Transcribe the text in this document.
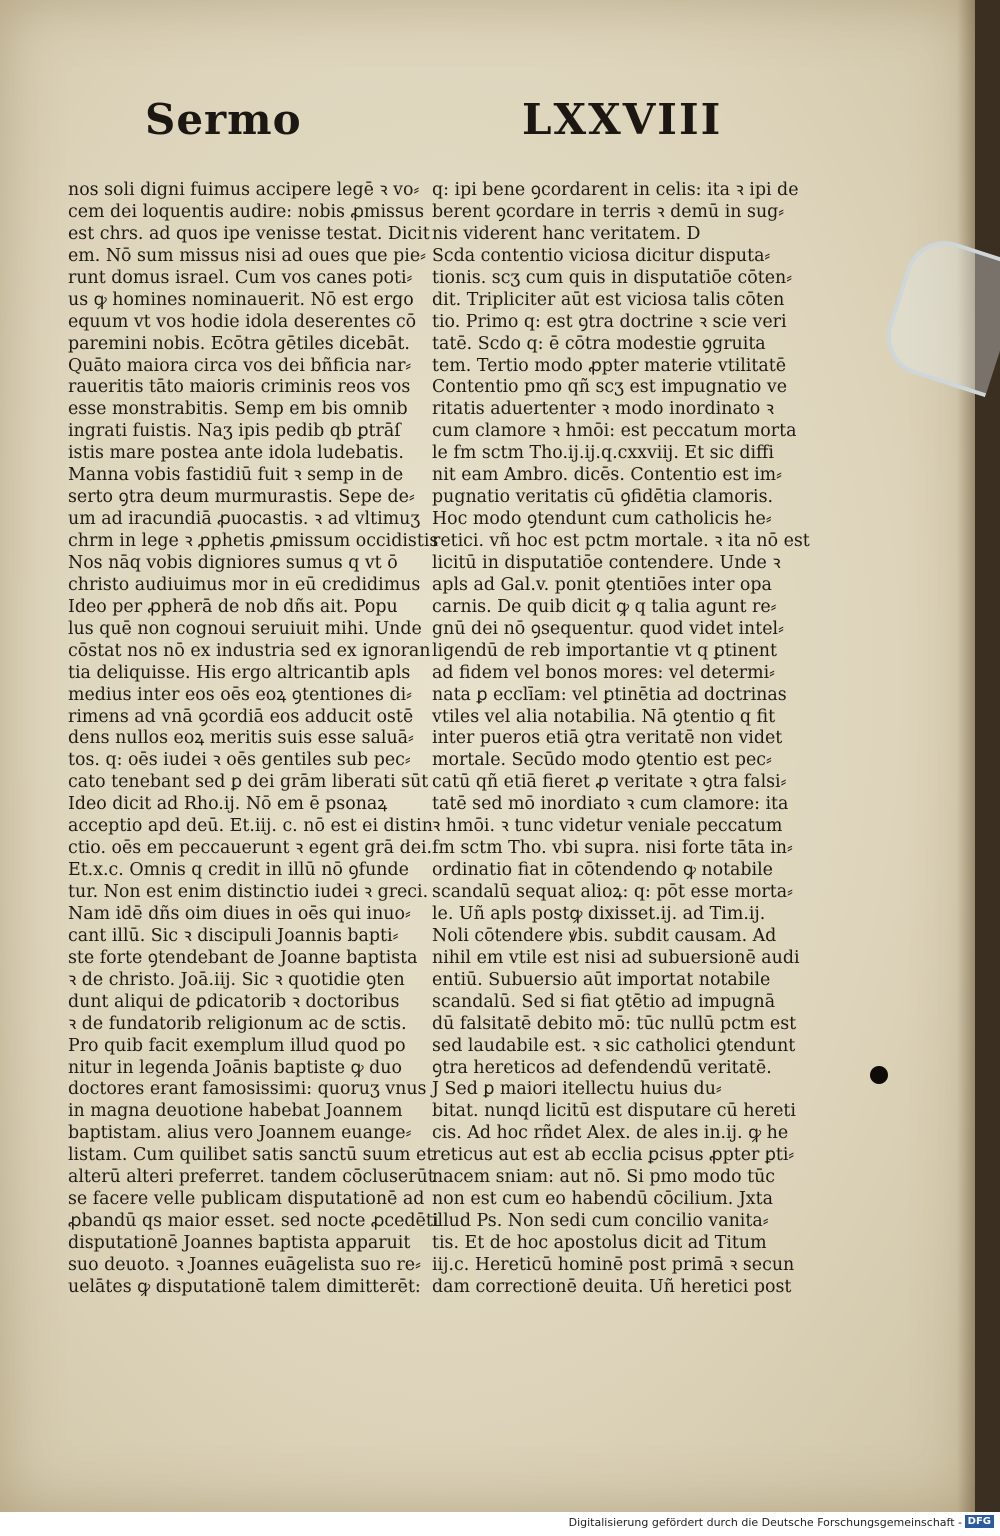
Sermo	LXXVIII
nos soli digni fuimus accipere legē ꝛ vo⸗
cem dei loquentis audire: nobis ꝓmissus
est chrs. ad quos ipe venisse testat. Dicit
em. Nō sum missus nisi ad oues que pie⸗
runt domus israel. Cum vos canes poti⸗
us ꝙ homines nominauerit. Nō est ergo
equum vt vos hodie idola deserentes cō
paremini nobis. Ecōtra gētiles dicebāt.
Quāto maiora circa vos dei bñficia nar⸗
raueritis tāto maioris criminis reos vos
esse monstrabitis. Semp em bis omnib
ingrati fuistis. Naʒ ipis pedib qb ꝑtrāſ
istis mare postea ante idola ludebatis.
Manna vobis fastidiū fuit ꝛ semp in de
serto ꝯtra deum murmurastis. Sepe de⸗
um ad iracundiā ꝓuocastis. ꝛ ad vltimuʒ
chrm in lege ꝛ ꝓphetis ꝓmissum occidistis
Nos nāq vobis digniores sumus q vt ō
christo audiuimus mor in eū credidimus
Ideo per ꝓpherā de nob dñs ait. Popu
lus quē non cognoui seruiuit mihi. Unde
cōstat nos nō ex industria sed ex ignoran
tia deliquisse. His ergo altricantib apls
medius inter eos oēs eoꝝ ꝯtentiones di⸗
rimens ad vnā ꝯcordiā eos adducit ostē
dens nullos eoꝝ meritis suis esse saluā⸗
tos. q: oēs iudei ꝛ oēs gentiles sub pec⸗
cato tenebant sed ꝑ dei grām liberati sūt
Ideo dicit ad Rho.ij. Nō em ē psonaꝝ
acceptio apd deū. Et.iij. c. nō est ei distin
ctio. oēs em peccauerunt ꝛ egent grā dei.
Et.x.c. Omnis q credit in illū nō ꝯfunde
tur. Non est enim distinctio iudei ꝛ greci.
Nam idē dñs oim diues in oēs qui inuo⸗
cant illū. Sic ꝛ discipuli Joannis bapti⸗
ste forte ꝯtendebant de Joanne baptista
ꝛ de christo. Joā.iij. Sic ꝛ quotidie ꝯten
dunt aliqui de ꝑdicatorib ꝛ doctoribus
ꝛ de fundatorib religionum ac de sctis.
Pro quib facit exemplum illud quod po
nitur in legenda Joānis baptiste ꝙ duo
doctores erant famosissimi: quoruʒ vnus
in magna deuotione habebat Joannem
baptistam. alius vero Joannem euange⸗
listam. Cum quilibet satis sanctū suum et
alterū alteri preferret. tandem cōcluserūt
se facere velle publicam disputationē ad
ꝓbandū qs maior esset. sed nocte ꝓcedēti
disputationē Joannes baptista apparuit
suo deuoto. ꝛ Joannes euāgelista suo re⸗
uelātes ꝙ disputationē talem dimitterēt:
q: ipi bene ꝯcordarent in celis: ita ꝛ ipi de
berent ꝯcordare in terris ꝛ demū in sug⸗
nis viderent hanc veritatem. D
Scda contentio viciosa dicitur disputa⸗
tionis. scʒ cum quis in disputatiōe cōten⸗
dit. Tripliciter aūt est viciosa talis cōten
tio. Primo q: est ꝯtra doctrine ꝛ scie veri
tatē. Scdo q: ē cōtra modestie ꝯgruita
tem. Tertio modo ꝓpter materie vtilitatē
Contentio pmo qñ scʒ est impugnatio ve
ritatis aduertenter ꝛ modo inordinato ꝛ
cum clamore ꝛ hmōi: est peccatum morta
le fm sctm Tho.ij.ij.q.cxxviij. Et sic diffi
nit eam Ambro. dicēs. Contentio est im⸗
pugnatio veritatis cū ꝯfidētia clamoris.
Hoc modo ꝯtendunt cum catholicis he⸗
retici. vñ hoc est pctm mortale. ꝛ ita nō est
licitū in disputatiōe contendere. Unde ꝛ
apls ad Gal.v. ponit ꝯtentiōes inter opa
carnis. De quib dicit ꝙ q talia agunt re⸗
gnū dei nō ꝯsequentur. quod videt intel⸗
ligendū de reb importantie vt q ꝑtinent
ad fidem vel bonos mores: vel determi⸗
nata ꝑ ecclīam: vel ꝑtinētia ad doctrinas
vtiles vel alia notabilia. Nā ꝯtentio q fit
inter pueros etiā ꝯtra veritatē non videt
mortale. Secūdo modo ꝯtentio est pec⸗
catū qñ etiā fieret ꝓ veritate ꝛ ꝯtra falsi⸗
tatē sed mō inordiato ꝛ cum clamore: ita
ꝛ hmōi. ꝛ tunc videtur veniale peccatum
fm sctm Tho. vbi supra. nisi forte tāta in⸗
ordinatio fiat in cōtendendo ꝙ notabile
scandalū sequat alioꝝ: q: pōt esse morta⸗
le. Uñ apls postꝙ dixisset.ij. ad Tim.ij.
Noli cōtendere ꝟbis. subdit causam. Ad
nihil em vtile est nisi ad subuersionē audi
entiū. Subuersio aūt importat notabile
scandalū. Sed si fiat ꝯtētio ad impugnā
dū falsitatē debito mō: tūc nullū pctm est
sed laudabile est. ꝛ sic catholici ꝯtendunt
ꝯtra hereticos ad defendendū veritatē.
J Sed ꝑ maiori itellectu huius du⸗
bitat. nunqd licitū est disputare cū hereti
cis. Ad hoc rñdet Alex. de ales in.ij. ꝙ he
reticus aut est ab ecclia ꝑcisus ꝓpter ꝑti⸗
nacem sniam: aut nō. Si pmo modo tūc
non est cum eo habendū cōcilium. Jxta
illud Ps. Non sedi cum concilio vanita⸗
tis. Et de hoc apostolus dicit ad Titum
iij.c. Hereticū hominē post primā ꝛ secun
dam correctionē deuita. Uñ heretici post
Digitalisierung gefördert durch die Deutsche Forschungsgemeinschaft - DFG
